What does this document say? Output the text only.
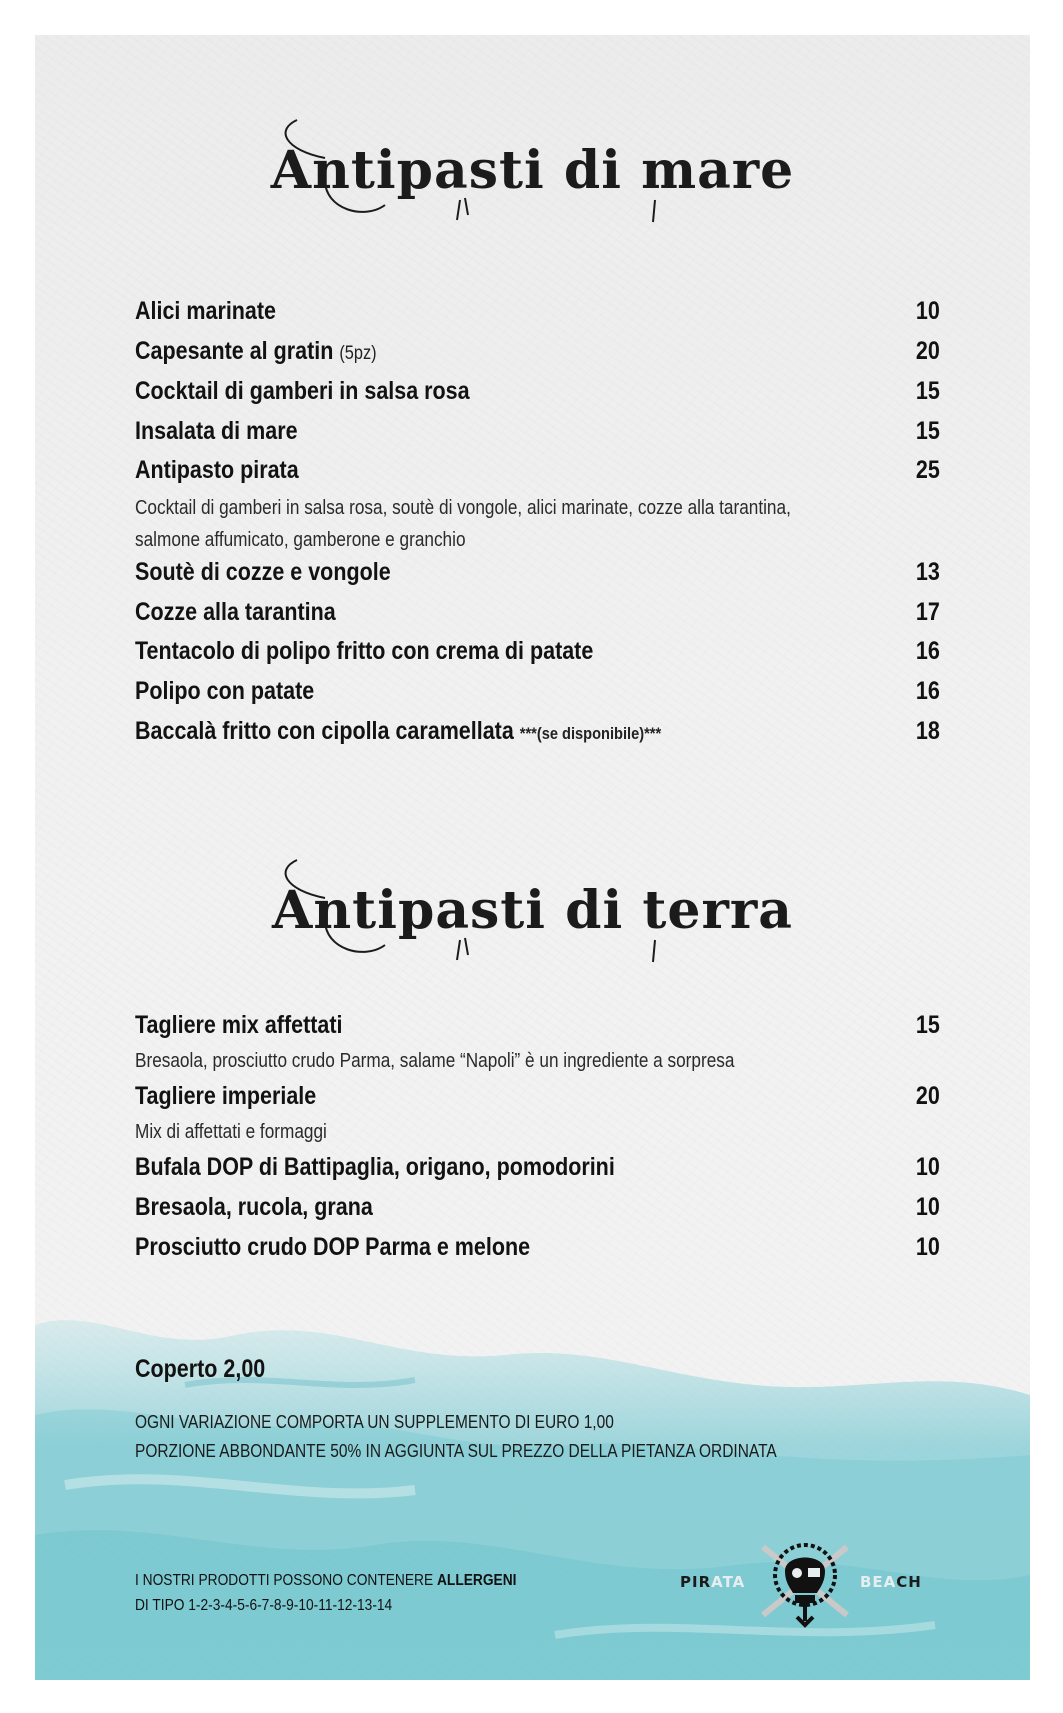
Antipasti di mare
Alici marinate	10
Capesante al gratin (5pz)	20
Cocktail di gamberi in salsa rosa	15
Insalata di mare	15
Antipasto pirata	25
Cocktail di gamberi in salsa rosa, soutè di vongole, alici marinate, cozze alla tarantina,
salmone affumicato, gamberone e granchio
Soutè di cozze e vongole	13
Cozze alla tarantina	17
Tentacolo di polipo fritto con crema di patate	16
Polipo con patate	16
Baccalà fritto con cipolla caramellata ***(se disponibile)***	18
Antipasti di terra
Tagliere mix affettati	15
Bresaola, prosciutto crudo Parma, salame “Napoli” è un ingrediente a sorpresa
Tagliere imperiale	20
Mix di affettati e formaggi
Bufala DOP di Battipaglia, origano, pomodorini	10
Bresaola, rucola, grana	10
Prosciutto crudo DOP Parma e melone	10
Coperto 2,00
OGNI VARIAZIONE COMPORTA UN SUPPLEMENTO DI EURO 1,00
PORZIONE ABBONDANTE 50% IN AGGIUNTA SUL PREZZO DELLA PIETANZA ORDINATA
I NOSTRI PRODOTTI POSSONO CONTENERE ALLERGENI
DI TIPO 1-2-3-4-5-6-7-8-9-10-11-12-13-14
PIRATA	BEACH
